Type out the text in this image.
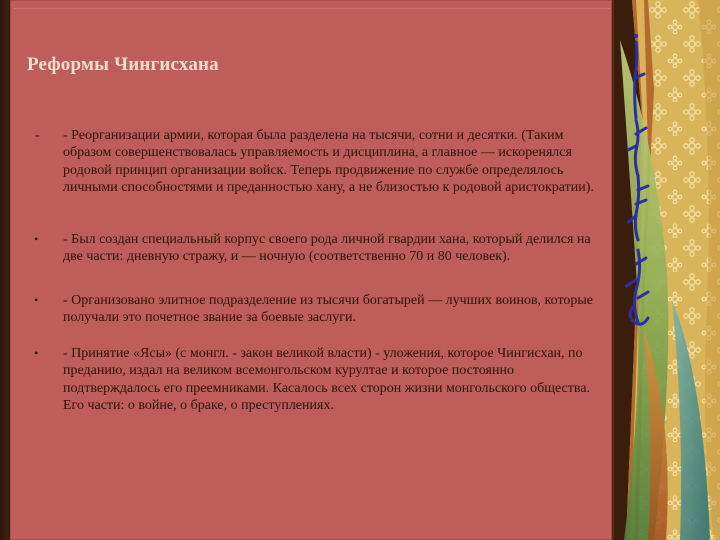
Реформы Чингисхана
- - Реорганизации армии, которая была разделена на тысячи, сотни и десятки. (Таким образом совершенствовалась управляемость и дисциплина, а главное — искоренялся родовой принцип организации войск. Теперь продвижение по службе определялось личными способностями и преданностью хану, а не близостью к родовой аристократии).
• - Был создан специальный корпус своего рода личной гвардии хана, который делился на две части: дневную стражу, и — ночную (соответственно 70 и 80 человек).
• - Организовано элитное подразделение из тысячи богатырей — лучших воинов, которые получали это почетное звание за боевые заслуги.
• - Принятие «Ясы» (с монгл. - закон великой власти) - уложения, которое Чингисхан, по преданию, издал на великом всемонгольском курултае и которое постоянно подтверждалось его преемниками. Касалось всех сторон жизни монгольского общества. Его части: о войне, о браке, о преступлениях.
